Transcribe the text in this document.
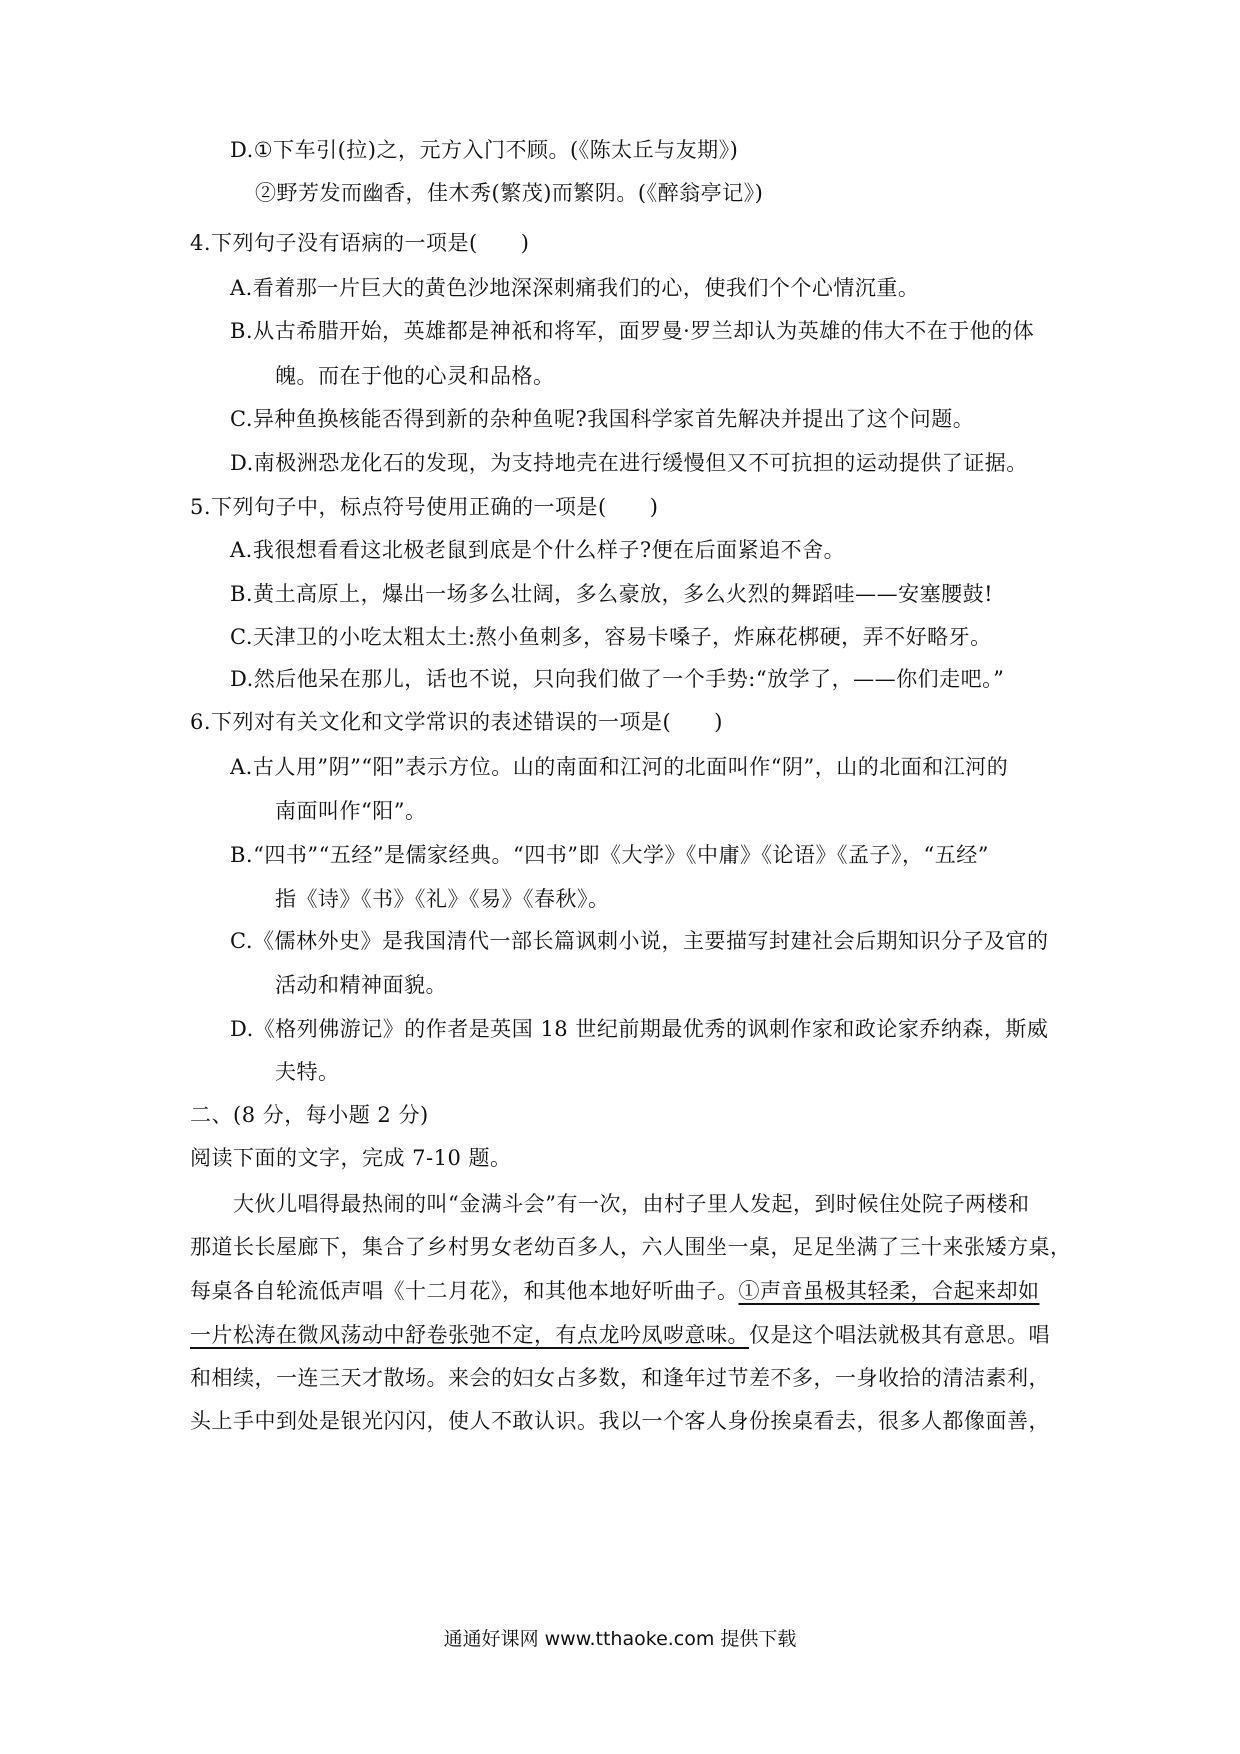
D.①下车引(拉)之，元方入门不顾。(《陈太丘与友期》)
②野芳发而幽香，佳木秀(繁茂)而繁阴。(《醉翁亭记》)
4.下列句子没有语病的一项是(　　)
A.看着那一片巨大的黄色沙地深深刺痛我们的心，使我们个个心情沉重。
B.从古希腊开始，英雄都是神祇和将军，面罗曼·罗兰却认为英雄的伟大不在于他的体
魄。而在于他的心灵和品格。
C.异种鱼换核能否得到新的杂种鱼呢?我国科学家首先解决并提出了这个问题。
D.南极洲恐龙化石的发现，为支持地壳在进行缓慢但又不可抗担的运动提供了证据。
5.下列句子中，标点符号使用正确的一项是(　　)
A.我很想看看这北极老鼠到底是个什么样子?便在后面紧追不舍。
B.黄土高原上，爆出一场多么壮阔，多么豪放，多么火烈的舞蹈哇——安塞腰鼓!
C.天津卫的小吃太粗太土:熬小鱼刺多，容易卡嗓子，炸麻花梆硬，弄不好略牙。
D.然后他呆在那儿，话也不说，只向我们做了一个手势:“放学了，——你们走吧。”
6.下列对有关文化和文学常识的表述错误的一项是(　　)
A.古人用”阴”“阳”表示方位。山的南面和江河的北面叫作“阴”，山的北面和江河的
南面叫作“阳”。
B.“四书”“五经”是儒家经典。“四书”即《大学》《中庸》《论语》《孟子》，“五经”
指《诗》《书》《礼》《易》《春秋》。
C.《儒林外史》是我国清代一部长篇讽刺小说，主要描写封建社会后期知识分子及官的
活动和精神面貌。
D.《格列佛游记》的作者是英国 18 世纪前期最优秀的讽刺作家和政论家乔纳森，斯威
夫特。
二、(8 分，每小题 2 分)
阅读下面的文字，完成 7-10 题。
　　大伙儿唱得最热闹的叫“金满斗会”有一次，由村子里人发起，到时候住处院子两楼和
那道长长屋廊下，集合了乡村男女老幼百多人，六人围坐一桌，足足坐满了三十来张矮方桌，
每桌各自轮流低声唱《十二月花》，和其他本地好听曲子。①声音虽极其轻柔，合起来却如
一片松涛在微风荡动中舒卷张弛不定，有点龙吟凤哕意味。仅是这个唱法就极其有意思。唱
和相续，一连三天才散场。来会的妇女占多数，和逢年过节差不多，一身收拾的清洁素利，
头上手中到处是银光闪闪，使人不敢认识。我以一个客人身份挨桌看去，很多人都像面善，
通通好课网 www.tthaoke.com 提供下载
